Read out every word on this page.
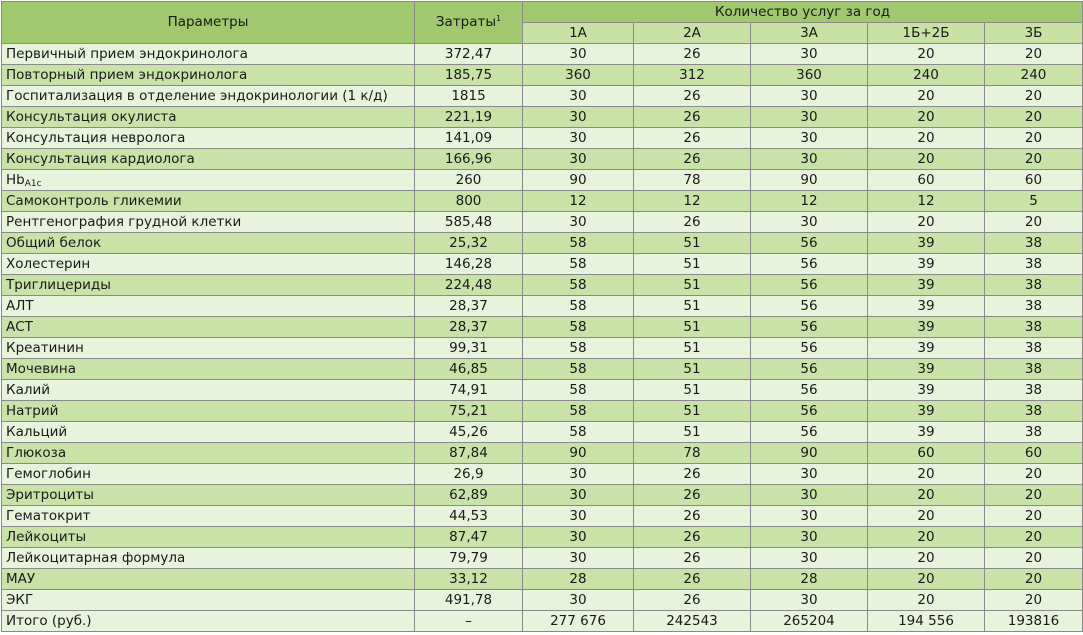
Параметры	Затраты$^1$	Количество услуг за год				
		1А	2А	3А	1Б+2Б	3Б
Первичный прием эндокринолога	372,47	30	26	30	20	20
Повторный прием эндокринолога	185,75	360	312	360	240	240
Госпитализация в отделение эндокринологии (1 к/д)	1815	30	26	30	20	20
Консультация окулиста	221,19	30	26	30	20	20
Консультация невролога	141,09	30	26	30	20	20
Консультация кардиолога	166,96	30	26	30	20	20
$Hb_{A1c}$	260	90	78	90	60	60
Самоконтроль гликемии	800	12	12	12	12	5
Рентгенография грудной клетки	585,48	30	26	30	20	20
Общий белок	25,32	58	51	56	39	38
Холестерин	146,28	58	51	56	39	38
Триглицериды	224,48	58	51	56	39	38
АЛТ	28,37	58	51	56	39	38
АСТ	28,37	58	51	56	39	38
Креатинин	99,31	58	51	56	39	38
Мочевина	46,85	58	51	56	39	38
Калий	74,91	58	51	56	39	38
Натрий	75,21	58	51	56	39	38
Кальций	45,26	58	51	56	39	38
Глюкоза	87,84	90	78	90	60	60
Гемоглобин	26,9	30	26	30	20	20
Эритроциты	62,89	30	26	30	20	20
Гематокрит	44,53	30	26	30	20	20
Лейкоциты	87,47	30	26	30	20	20
Лейкоцитарная формула	79,79	30	26	30	20	20
МАУ	33,12	28	26	28	20	20
ЭКГ	491,78	30	26	30	20	20
Итого (руб.)	–	277 676	242543	265204	194 556	193816
